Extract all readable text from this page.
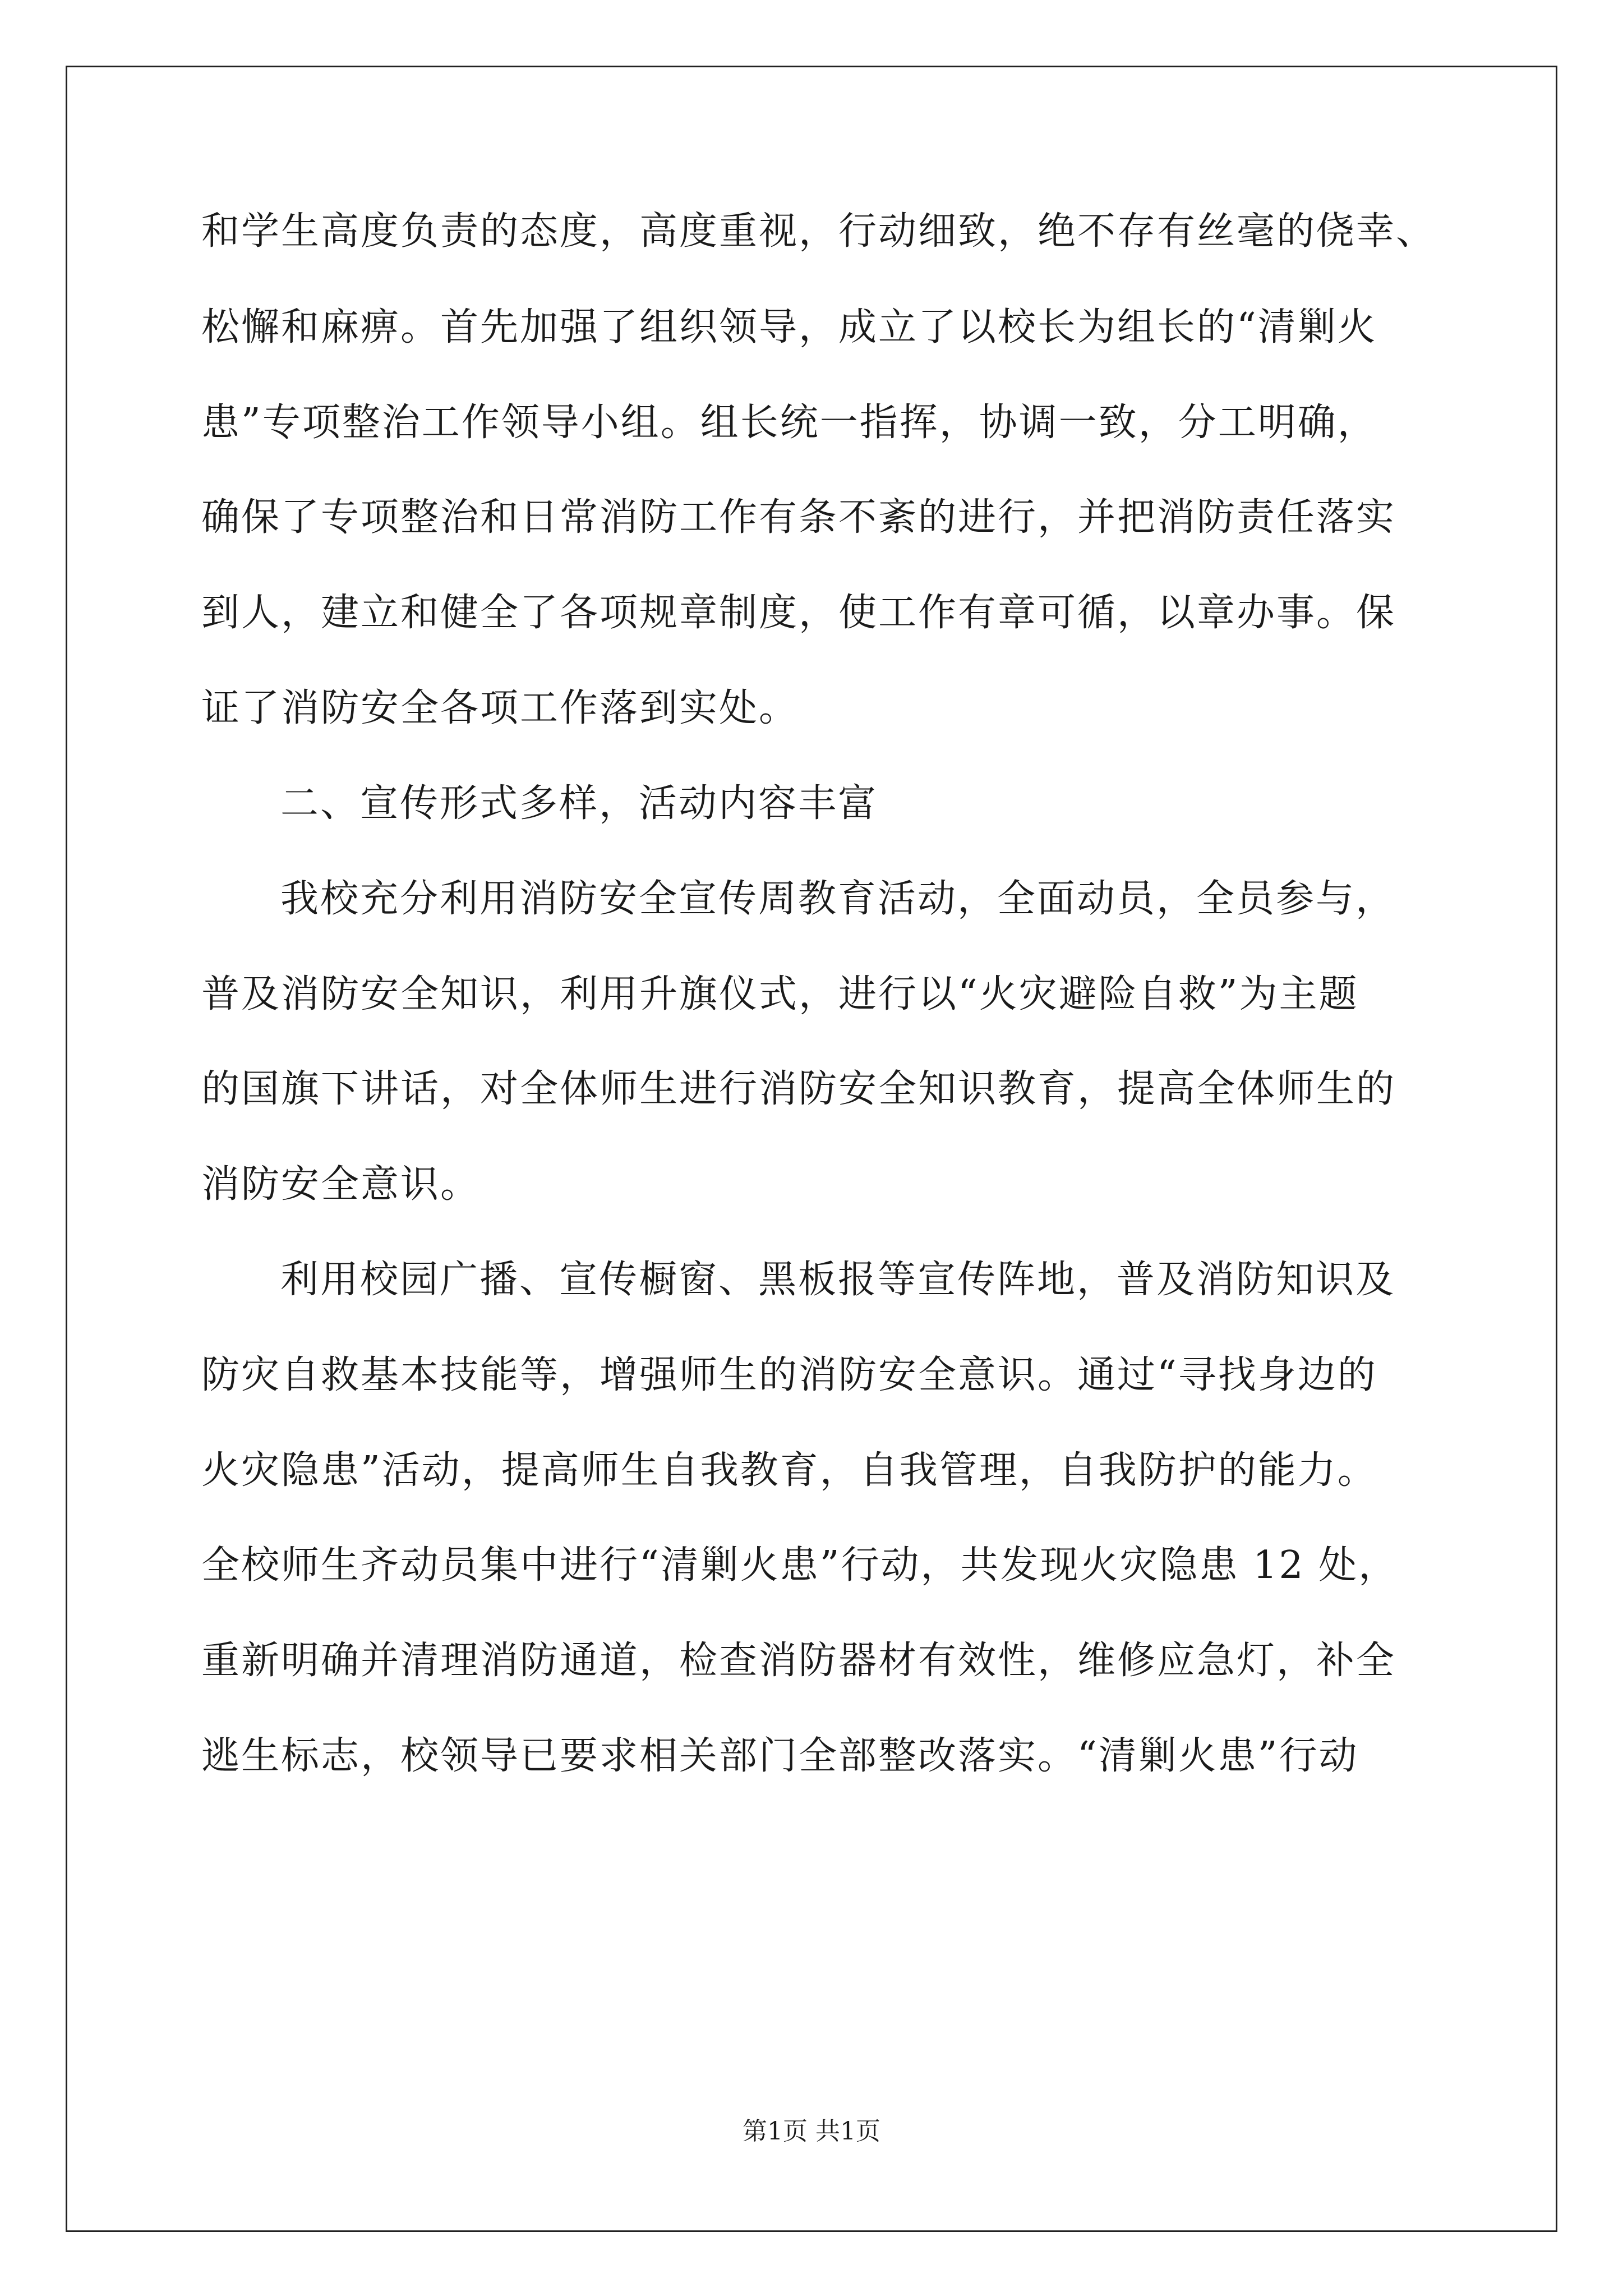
和学生高度负责的态度，高度重视，行动细致，绝不存有丝毫的侥幸、
松懈和麻痹。首先加强了组织领导，成立了以校长为组长的“清剿火
患”专项整治工作领导小组。组长统一指挥，协调一致，分工明确，
确保了专项整治和日常消防工作有条不紊的进行，并把消防责任落实
到人，建立和健全了各项规章制度，使工作有章可循，以章办事。保
证了消防安全各项工作落到实处。
二、宣传形式多样，活动内容丰富
我校充分利用消防安全宣传周教育活动，全面动员，全员参与，
普及消防安全知识，利用升旗仪式，进行以“火灾避险自救”为主题
的国旗下讲话，对全体师生进行消防安全知识教育，提高全体师生的
消防安全意识。
利用校园广播、宣传橱窗、黑板报等宣传阵地，普及消防知识及
防灾自救基本技能等，增强师生的消防安全意识。通过“寻找身边的
火灾隐患”活动，提高师生自我教育，自我管理，自我防护的能力。
全校师生齐动员集中进行“清剿火患”行动，共发现火灾隐患 12 处，
重新明确并清理消防通道，检查消防器材有效性，维修应急灯，补全
逃生标志，校领导已要求相关部门全部整改落实。“清剿火患”行动
第1页 共1页
